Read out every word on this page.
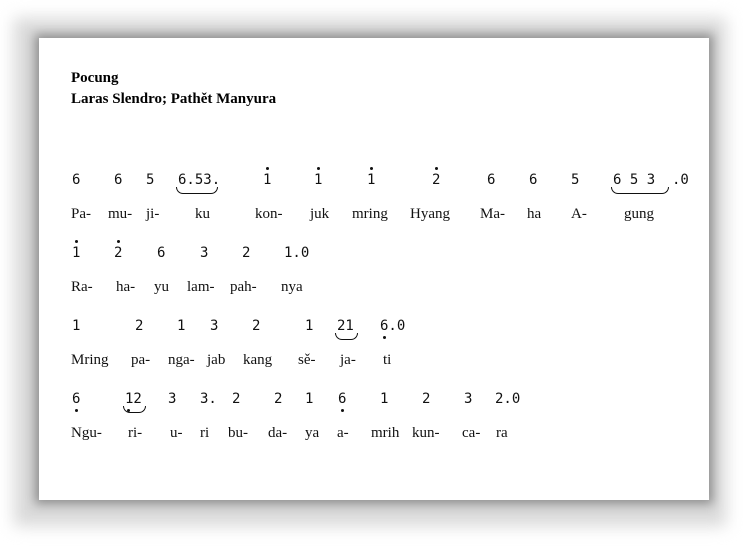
Pocung
Laras Slendro; Pathět Manyura
6 6 5 6.53.	1	1	1	2	6 6 5 6 5 3 .0
Pa- mu- ji- ku	kon- juk mring Hyang Ma- ha A- gung
1 2 6 3 2 1.0
Ra- ha- yu lam- pah- nya
1	2 1 3 2	1 21 6.0
Mring pa- nga- jab kang sě- ja- ti
6	12 3 3. 2 2 1 6 1 2 3 2.0
Ngu- ri- u- ri bu- da- ya a- mrih kun- ca- ra
